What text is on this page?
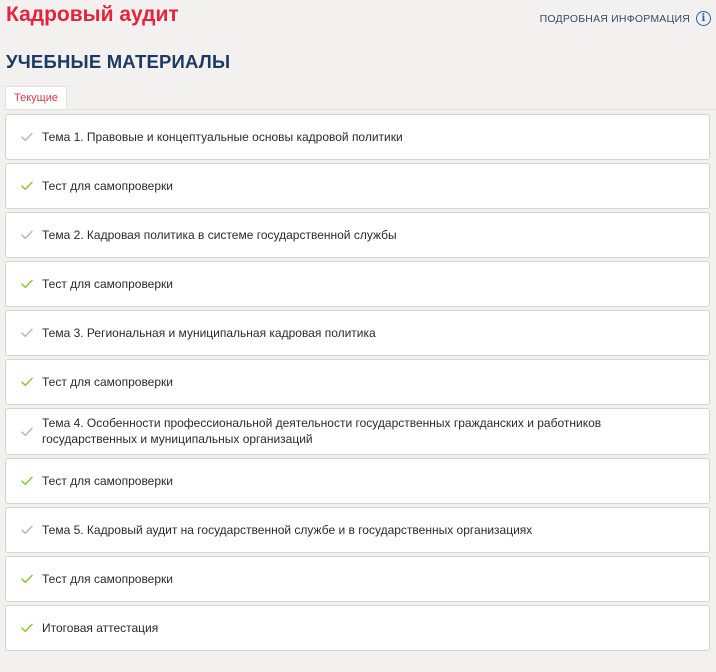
Кадровый аудит	ПОДРОБНАЯ ИНФОРМАЦИЯ	i
УЧЕБНЫЕ МАТЕРИАЛЫ
Текущие
Тема 1. Правовые и концептуальные основы кадровой политики
Тест для самопроверки
Тема 2. Кадровая политика в системе государственной службы
Тест для самопроверки
Тема 3. Региональная и муниципальная кадровая политика
Тест для самопроверки
Тема 4. Особенности профессиональной деятельности государственных гражданских и работников государственных и муниципальных организаций
Тест для самопроверки
Тема 5. Кадровый аудит на государственной службе и в государственных организациях
Тест для самопроверки
Итоговая аттестация
